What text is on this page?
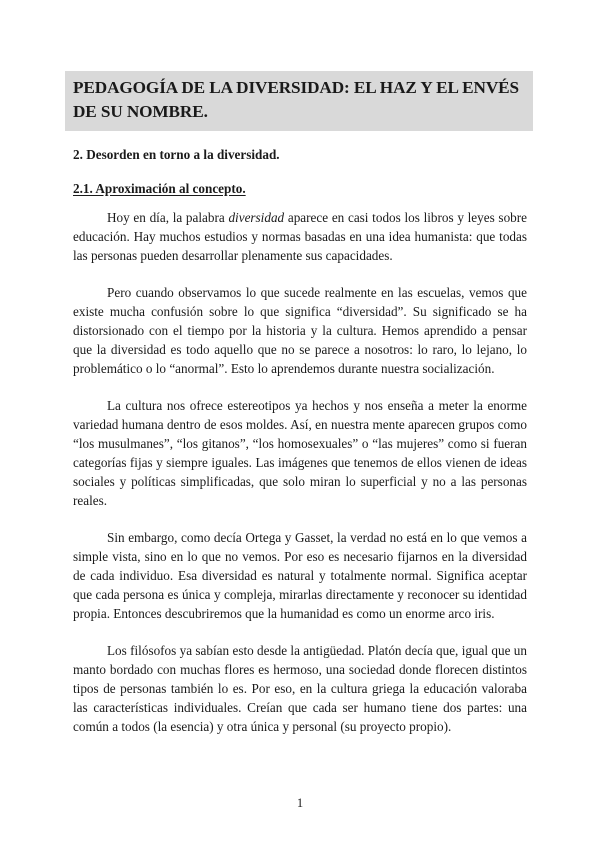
PEDAGOGÍA DE LA DIVERSIDAD: EL HAZ Y EL ENVÉS DE SU NOMBRE.
2. Desorden en torno a la diversidad.
2.1. Aproximación al concepto.

Hoy en día, la palabra diversidad aparece en casi todos los libros y leyes sobre educación. Hay muchos estudios y normas basadas en una idea humanista: que todas las personas pueden desarrollar plenamente sus capacidades.

Pero cuando observamos lo que sucede realmente en las escuelas, vemos que existe mucha confusión sobre lo que significa “diversidad”. Su significado se ha distorsionado con el tiempo por la historia y la cultura. Hemos aprendido a pensar que la diversidad es todo aquello que no se parece a nosotros: lo raro, lo lejano, lo problemático o lo “anormal”. Esto lo aprendemos durante nuestra socialización.

La cultura nos ofrece estereotipos ya hechos y nos enseña a meter la enorme variedad humana dentro de esos moldes. Así, en nuestra mente aparecen grupos como “los musulmanes”, “los gitanos”, “los homosexuales” o “las mujeres” como si fueran categorías fijas y siempre iguales. Las imágenes que tenemos de ellos vienen de ideas sociales y políticas simplificadas, que solo miran lo superficial y no a las personas reales.

Sin embargo, como decía Ortega y Gasset, la verdad no está en lo que vemos a simple vista, sino en lo que no vemos. Por eso es necesario fijarnos en la diversidad de cada individuo. Esa diversidad es natural y totalmente normal. Significa aceptar que cada persona es única y compleja, mirarlas directamente y reconocer su identidad propia. Entonces descubriremos que la humanidad es como un enorme arco iris.

Los filósofos ya sabían esto desde la antigüedad. Platón decía que, igual que un manto bordado con muchas flores es hermoso, una sociedad donde florecen distintos tipos de personas también lo es. Por eso, en la cultura griega la educación valoraba las características individuales. Creían que cada ser humano tiene dos partes: una común a todos (la esencia) y otra única y personal (su proyecto propio).

1
